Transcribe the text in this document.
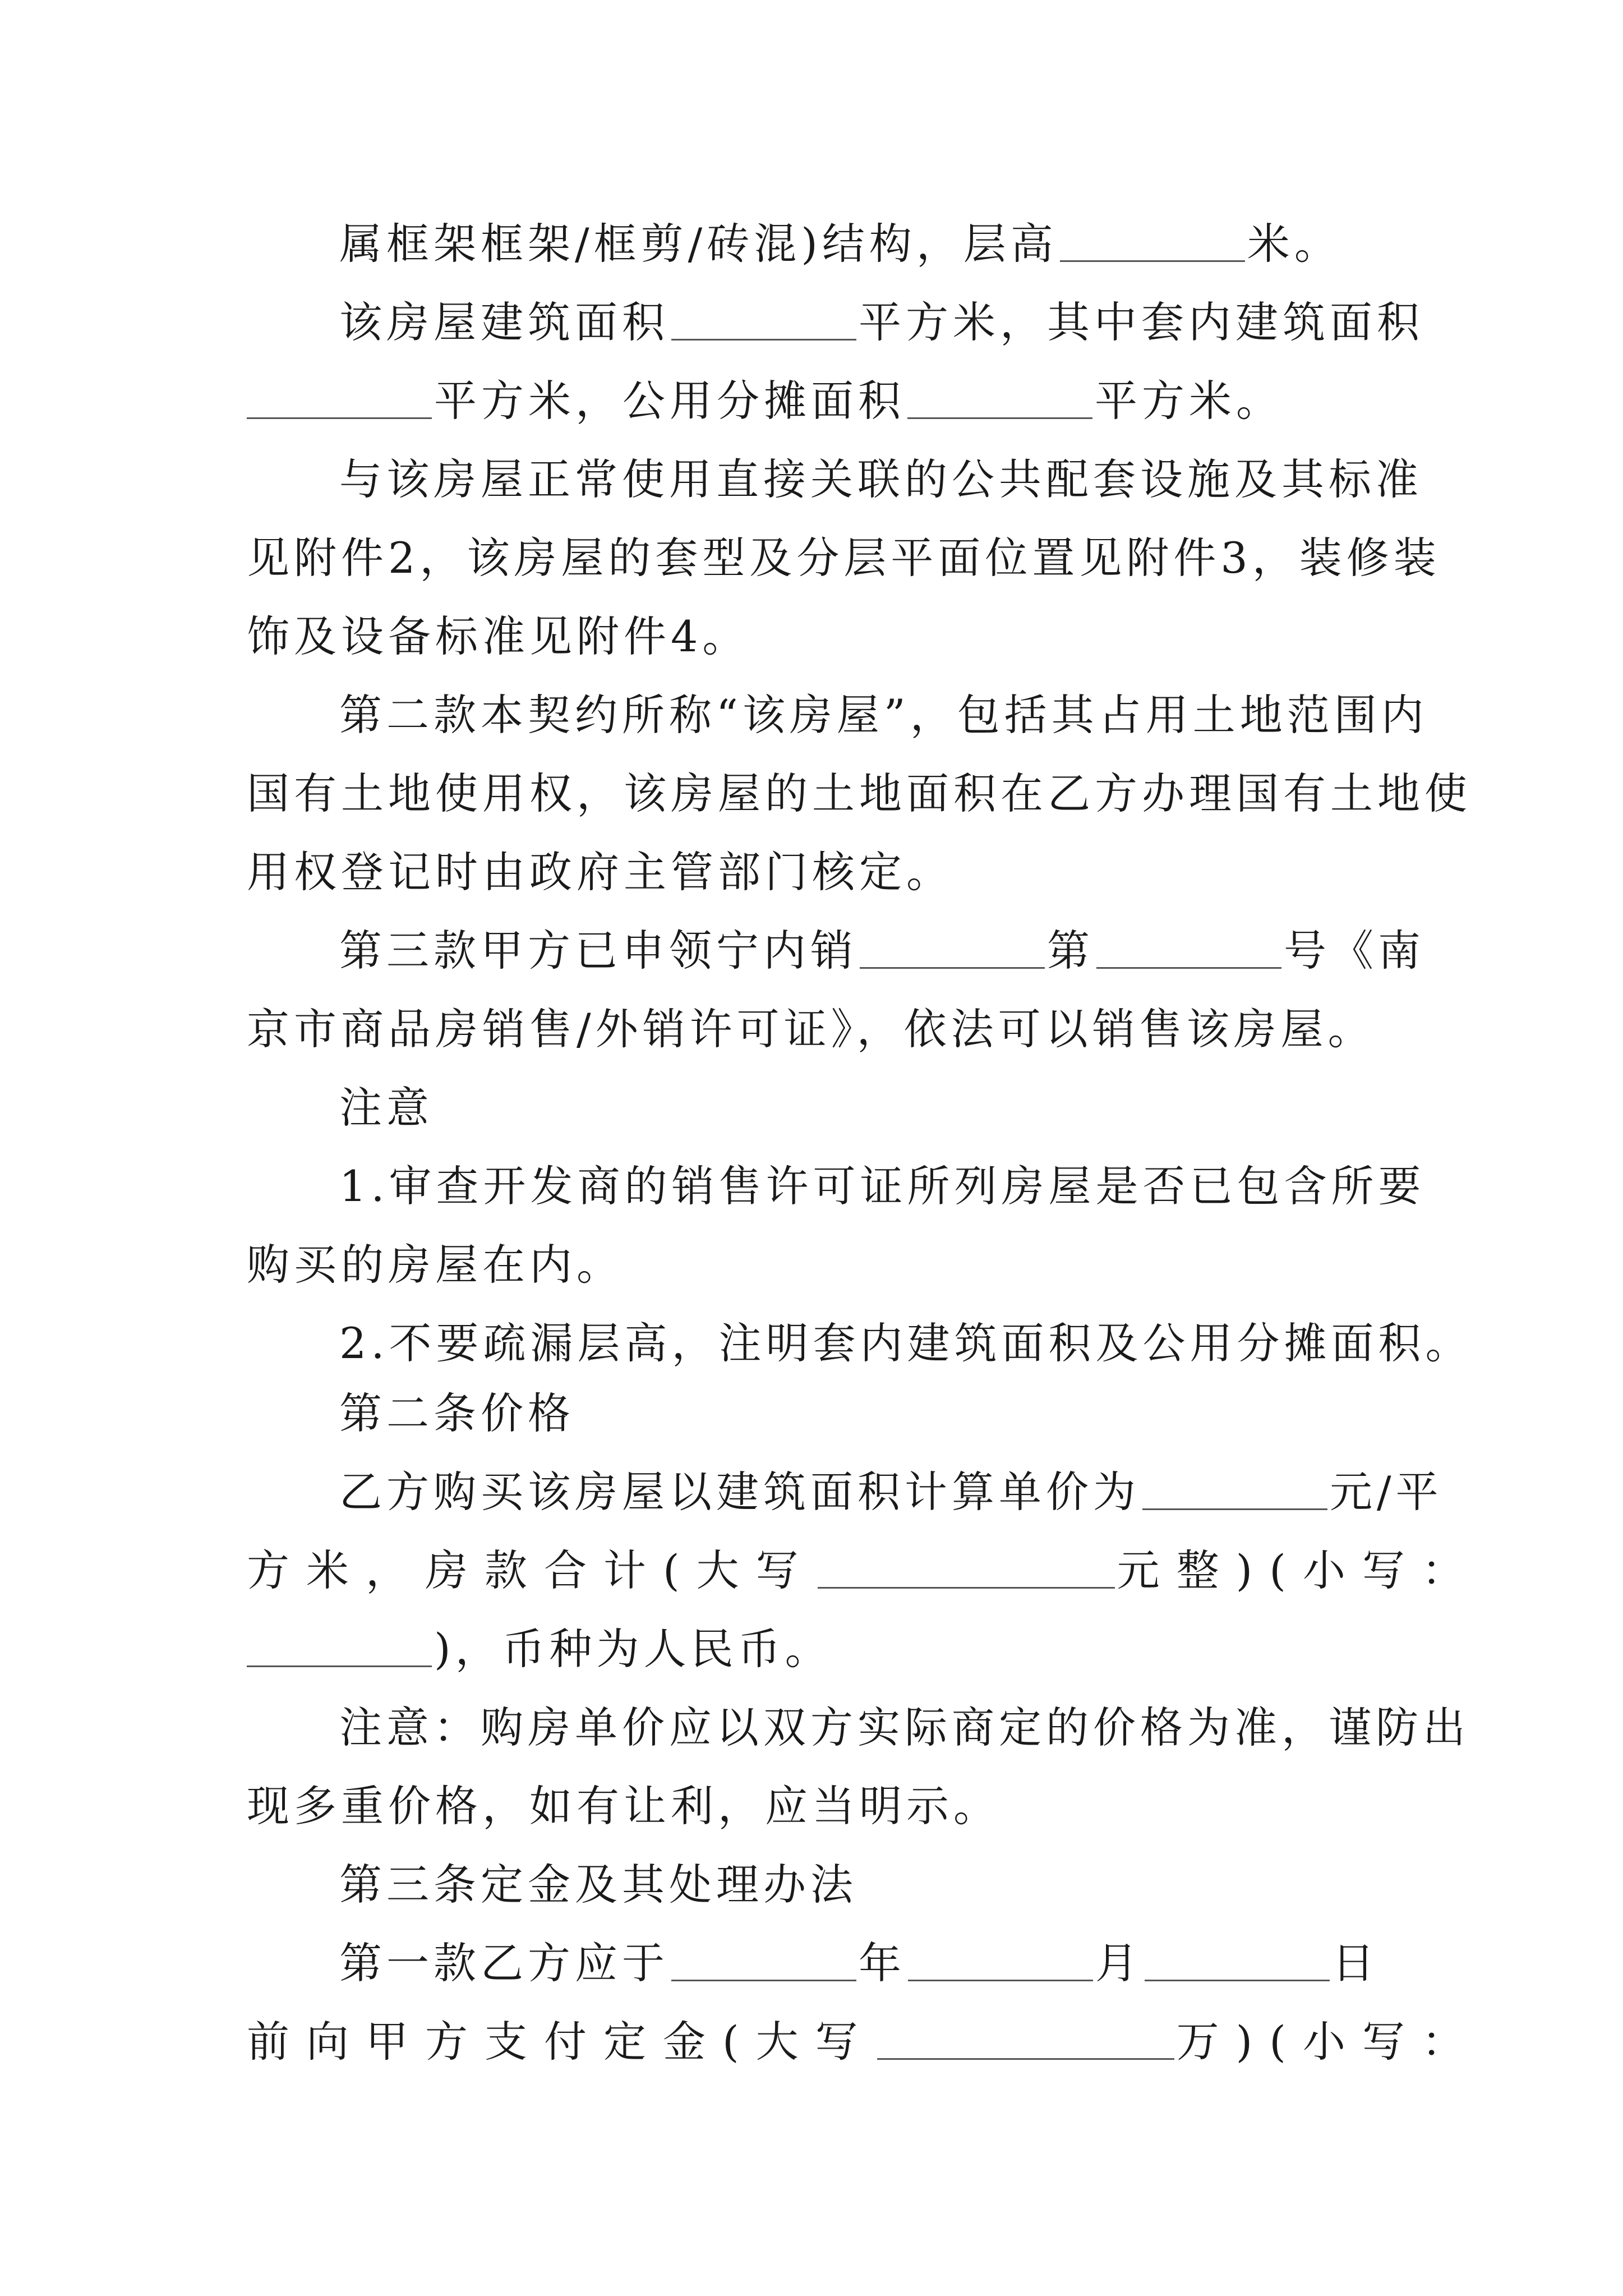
属框架框架/框剪/砖混)结构，层高	米。
该房屋建筑面积	平方米，其中套内建筑面积
平方米，公用分摊面积	平方米。
与该房屋正常使用直接关联的公共配套设施及其标准
见附件2，该房屋的套型及分层平面位置见附件3，装修装
饰及设备标准见附件4。
第二款本契约所称“该房屋”，包括其占用土地范围内
国有土地使用权，该房屋的土地面积在乙方办理国有土地使
用权登记时由政府主管部门核定。
第三款甲方已申领宁内销	第	号《南
京市商品房销售/外销许可证》，依法可以销售该房屋。
注意
1.审查开发商的销售许可证所列房屋是否已包含所要
购买的房屋在内。
2.不要疏漏层高，注明套内建筑面积及公用分摊面积。
第二条价格
乙方购买该房屋以建筑面积计算单价为	元/平
方米，房款合计(大写	元整)(小写：
)，币种为人民币。
注意：购房单价应以双方实际商定的价格为准，谨防出
现多重价格，如有让利，应当明示。
第三条定金及其处理办法
第一款乙方应于	年	月	日
前向甲方支付定金(大写	万)(小写：
